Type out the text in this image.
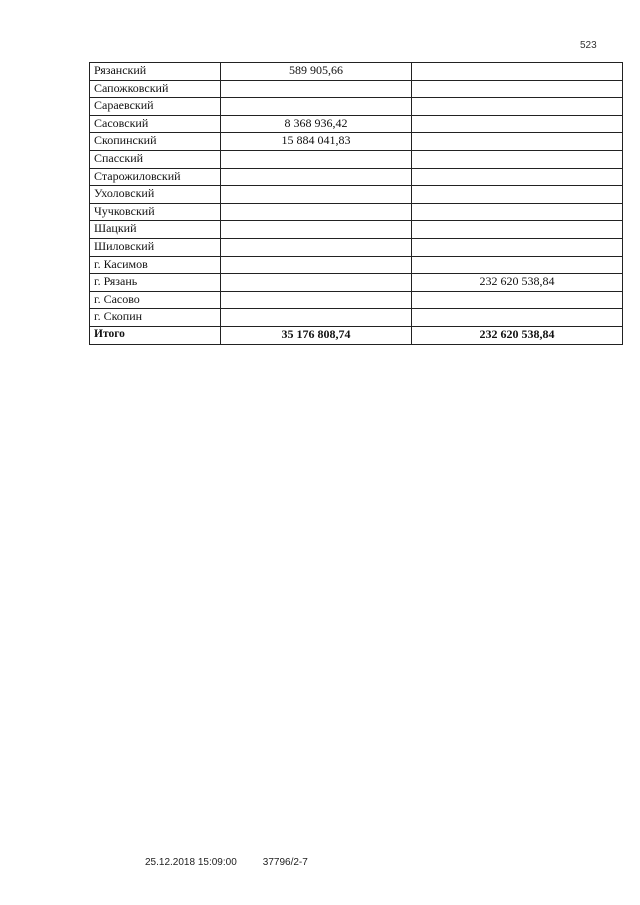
523
Рязанский	589 905,66	
Сапожковский		
Сараевский		
Сасовский	8 368 936,42	
Скопинский	15 884 041,83	
Спасский		
Старожиловский		
Ухоловский		
Чучковский		
Шацкий		
Шиловский		
г. Касимов		
г. Рязань		232 620 538,84
г. Сасово		
г. Скопин		
Итого	35 176 808,74	232 620 538,84
25.12.2018 15:09:00	37796/2-7
